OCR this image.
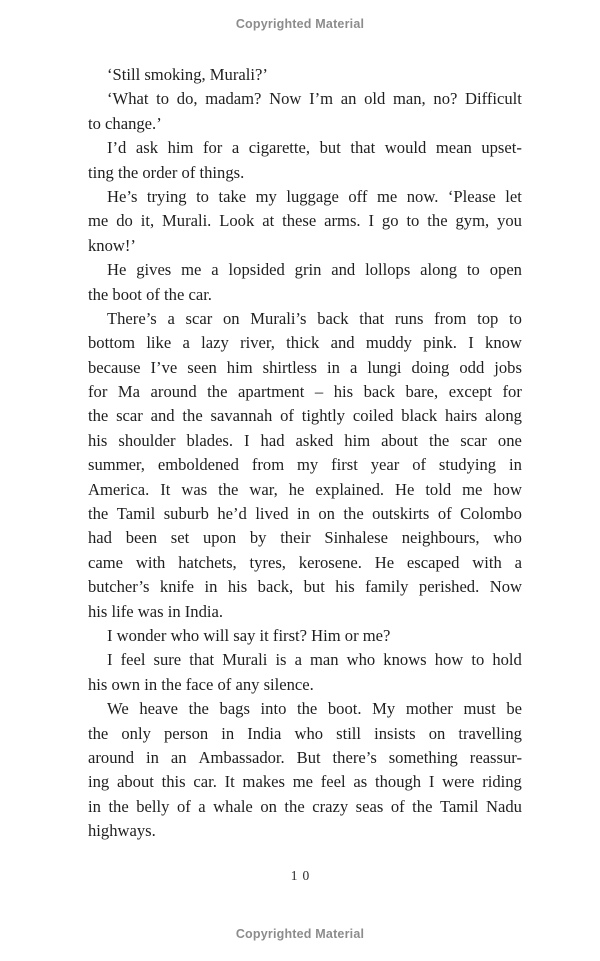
Copyrighted Material
‘Still smoking, Murali?’
‘What to do, madam? Now I’m an old man, no? Difficult
to change.’
I’d ask him for a cigarette, but that would mean upset-
ting the order of things.
He’s trying to take my luggage off me now. ‘Please let
me do it, Murali. Look at these arms. I go to the gym, you
know!’
He gives me a lopsided grin and lollops along to open
the boot of the car.
There’s a scar on Murali’s back that runs from top to
bottom like a lazy river, thick and muddy pink. I know
because I’ve seen him shirtless in a lungi doing odd jobs
for Ma around the apartment – his back bare, except for
the scar and the savannah of tightly coiled black hairs along
his shoulder blades. I had asked him about the scar one
summer, emboldened from my first year of studying in
America. It was the war, he explained. He told me how
the Tamil suburb he’d lived in on the outskirts of Colombo
had been set upon by their Sinhalese neighbours, who
came with hatchets, tyres, kerosene. He escaped with a
butcher’s knife in his back, but his family perished. Now
his life was in India.
I wonder who will say it first? Him or me?
I feel sure that Murali is a man who knows how to hold
his own in the face of any silence.
We heave the bags into the boot. My mother must be
the only person in India who still insists on travelling
around in an Ambassador. But there’s something reassur-
ing about this car. It makes me feel as though I were riding
in the belly of a whale on the crazy seas of the Tamil Nadu
highways.
10
Copyrighted Material
